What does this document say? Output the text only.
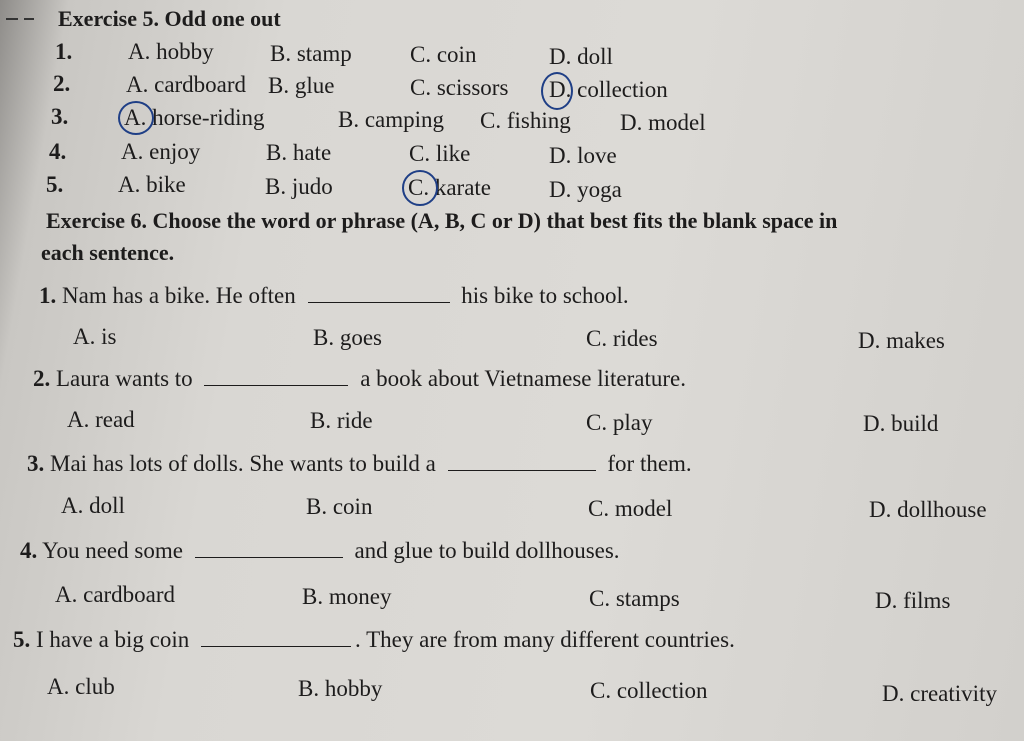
Exercise 5. Odd one out
1. A. hobby B. stamp	C. coin	D. doll
2. A. cardboard B. glue	C. scissors D. collection
3. A. horse-riding	B. camping C. fishing D. model
4. A. enjoy	B. hate	C. like	D. love
5. A. bike	B. judo	C. karate	D. yoga
Exercise 6. Choose the word or phrase (A, B, C or D) that best fits the blank space in
each sentence.
1. Nam has a bike. He often	his bike to school.
A. is	B. goes	C. rides	D. makes
2. Laura wants to	a book about Vietnamese literature.
A. read	B. ride	C. play	D. build
3. Mai has lots of dolls. She wants to build a	for them.
A. doll	B. coin	C. model	D. dollhouse
4. You need some	and glue to build dollhouses.
A. cardboard	B. money	C. stamps	D. films
5. I have a big coin	. They are from many different countries.
A. club	B. hobby	C. collection	D. creativity
